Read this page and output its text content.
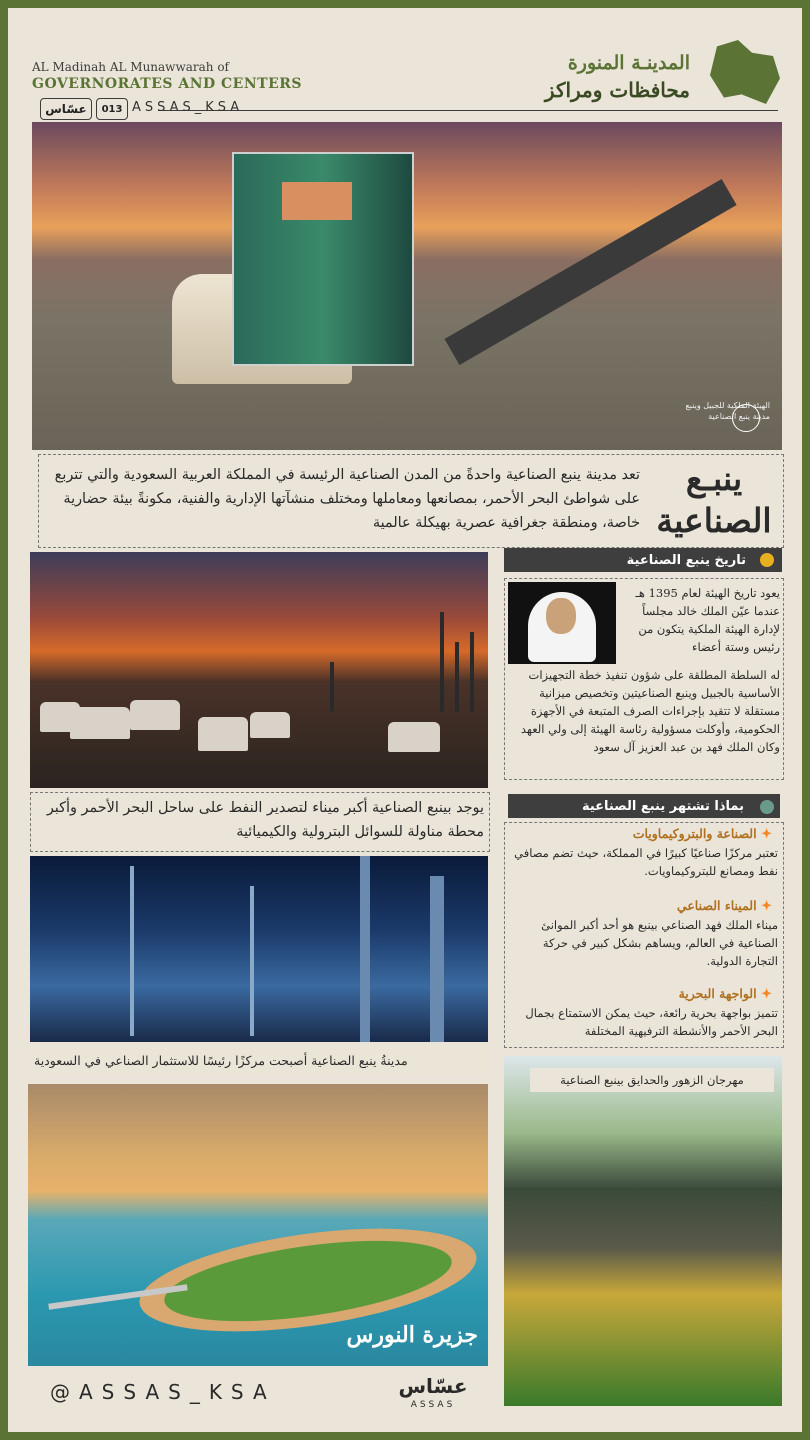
AL Madinah AL Munawwarah of
GOVERNORATES AND CENTERS
المدينـة المنورة
محافظات ومراكز
عسّاس	013 ASSAS_KSA
الهيئة الملكية للجبيل وينبع
مدينة ينبع الصناعية
تعد مدينة ينبع الصناعية واحدةً من المدن الصناعية الرئيسة في المملكة العربية السعودية والتي تتربع على شواطئ البحر الأحمر، بمصانعها ومعاملها ومختلف منشآتها الإدارية والفنية، مكونةً بيئة حضارية خاصة، ومنطقة جغرافية عصرية بهيكلة عالمية
ينبـع
الصناعية
تاريخ ينبع الصناعية
يعود تاريخ الهيئة لعام 1395 هـ عندما عيّن الملك خالد مجلساً لإدارة الهيئة الملكية يتكون من رئيس وستة أعضاء
له السلطة المطلقة على شؤون تنفيذ خطة التجهيزات الأساسية بالجبيل وينبع الصناعيتين وتخصيص ميزانية مستقلة لا تتقيد بإجراءات الصرف المتبعة في الأجهزة الحكومية، وأوكلت مسؤولية رئاسة الهيئة إلى ولي العهد وكان الملك فهد بن عبد العزيز آل سعود
يوجد بينبع الصناعية أكبر ميناء لتصدير النفط على ساحل البحر الأحمر وأكبر محطة مناولة للسوائل البترولية والكيميائية
بماذا تشتهر ينبع الصناعية
✦ الصناعة والبتروكيماويات
تعتبر مركزًا صناعيًا كبيرًا في المملكة، حيث تضم مصافي نفط ومصانع للبتروكيماويات.
✦ الميناء الصناعي
ميناء الملك فهد الصناعي بينبع هو أحد أكبر الموانئ الصناعية في العالم، ويساهم بشكل كبير في حركة التجارة الدولية.
✦ الواجهة البحرية
تتميز بواجهة بحرية رائعة، حيث يمكن الاستمتاع بجمال البحر الأحمر والأنشطة الترفيهية المختلفة
مدينةُ ينبع الصناعية أصبحت مركزًا رئيسًا للاستثمار الصناعي في السعودية
جزيرة النورس
مهرجان الزهور والحدايق بينبع الصناعية
@ASSAS_KSA	عسّاس
ASSAS
